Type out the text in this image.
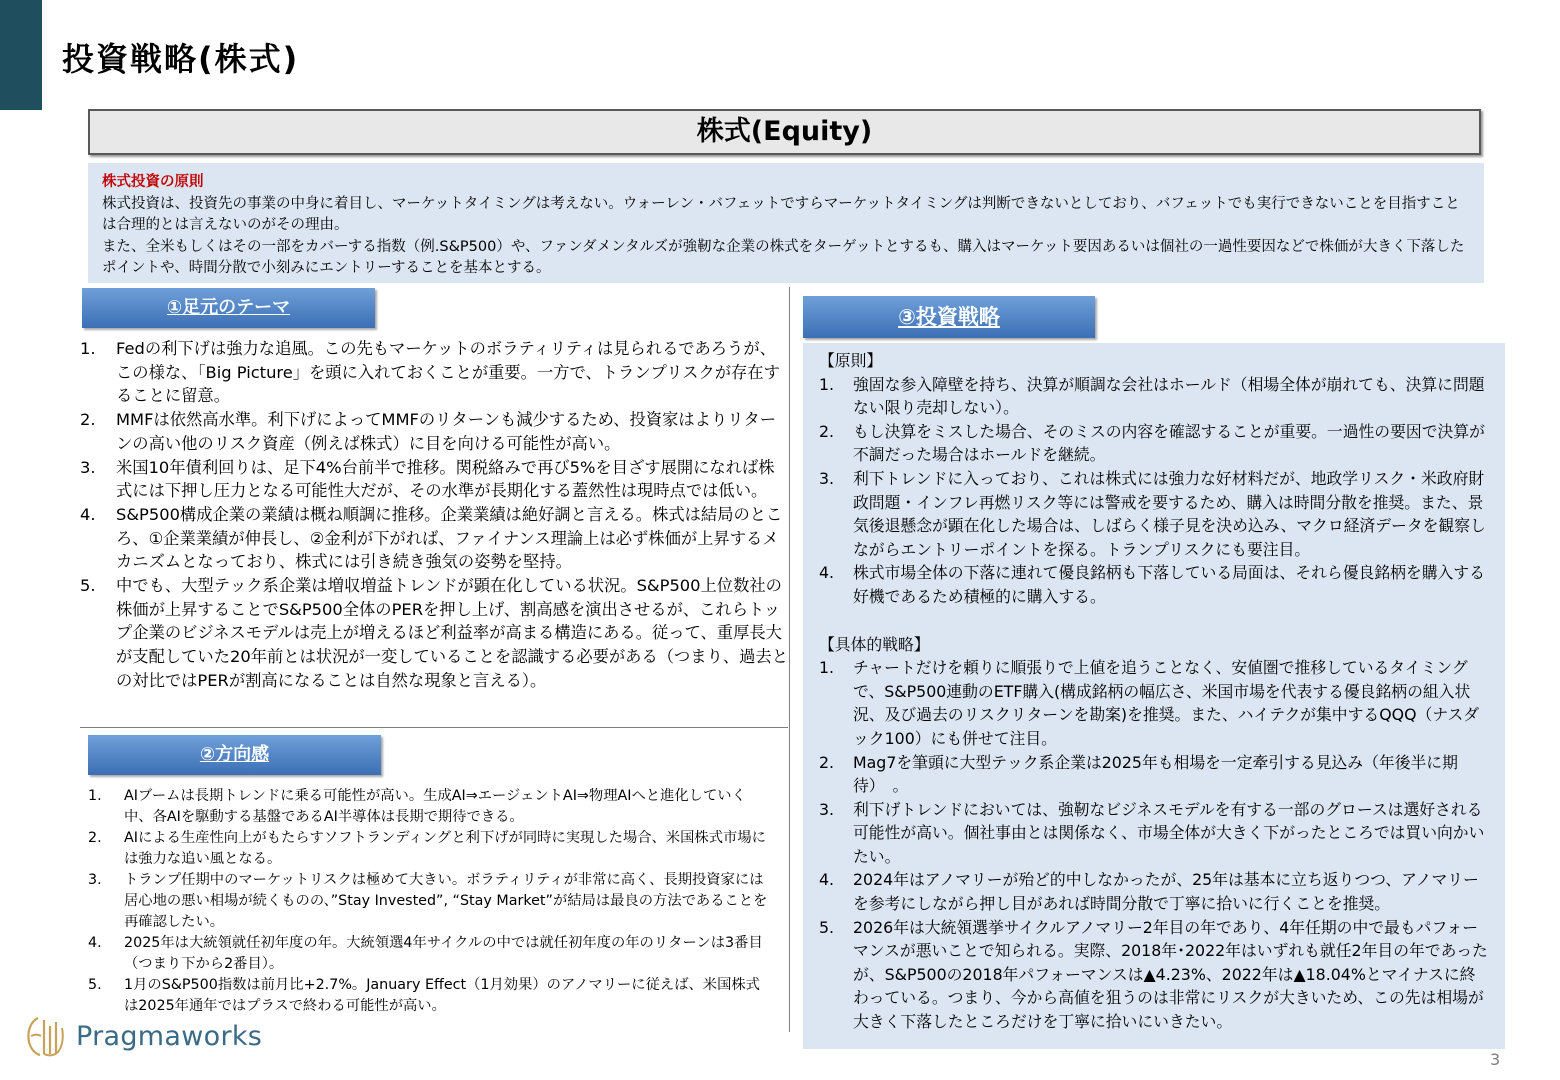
投資戦略(株式)
株式(Equity)
株式投資の原則

株式投資は、投資先の事業の中身に着目し、マーケットタイミングは考えない。ウォーレン・バフェットですらマーケットタイミングは判断できないとしており、バフェットでも実行できないことを目指すことは合理的とは言えないのがその理由。

また、全米もしくはその一部をカバーする指数（例.S&P500）や、ファンダメンタルズが強靭な企業の株式をターゲットとするも、購入はマーケット要因あるいは個社の一過性要因などで株価が大きく下落したポイントや、時間分散で小刻みにエントリーすることを基本とする。

①足元のテーマ
1. Fedの利下げは強力な追風。この先もマーケットのボラティリティは見られるであろうが、この様な、「Big Picture」を頭に入れておくことが重要。一方で、トランプリスクが存在することに留意。
2. MMFは依然高水準。利下げによってMMFのリターンも減少するため、投資家はよりリターンの高い他のリスク資産（例えば株式）に目を向ける可能性が高い。
3. 米国10年債利回りは、足下4%台前半で推移。関税絡みで再び5%を目ざす展開になれば株式には下押し圧力となる可能性大だが、その水準が長期化する蓋然性は現時点では低い。
4. S&P500構成企業の業績は概ね順調に推移。企業業績は絶好調と言える。株式は結局のところ、①企業業績が伸長し、②金利が下がれば、ファイナンス理論上は必ず株価が上昇するメカニズムとなっており、株式には引き続き強気の姿勢を堅持。
5. 中でも、大型テック系企業は増収増益トレンドが顕在化している状況。S&P500上位数社の株価が上昇することでS&P500全体のPERを押し上げ、割高感を演出させるが、これらトップ企業のビジネスモデルは売上が増えるほど利益率が高まる構造にある。従って、重厚長大が支配していた20年前とは状況が一変していることを認識する必要がある（つまり、過去との対比ではPERが割高になることは自然な現象と言える）。
②方向感
1. AIブームは長期トレンドに乗る可能性が高い。生成AI⇒エージェントAI⇒物理AIへと進化していく中、各AIを駆動する基盤であるAI半導体は長期で期待できる。
2. AIによる生産性向上がもたらすソフトランディングと利下げが同時に実現した場合、米国株式市場には強力な追い風となる。
3. トランプ任期中のマーケットリスクは極めて大きい。ボラティリティが非常に高く、長期投資家には居心地の悪い相場が続くものの、”Stay Invested”, “Stay Market”が結局は最良の方法であることを再確認したい。
4. 2025年は大統領就任初年度の年。大統領選4年サイクルの中では就任初年度の年のリターンは3番目（つまり下から2番目）。
5. 1月のS&P500指数は前月比+2.7%。January Effect（1月効果）のアノマリーに従えば、米国株式は2025年通年ではプラスで終わる可能性が高い。
③投資戦略
【原則】
1. 強固な参入障壁を持ち、決算が順調な会社はホールド（相場全体が崩れても、決算に問題ない限り売却しない）。
2. もし決算をミスした場合、そのミスの内容を確認することが重要。一過性の要因で決算が不調だった場合はホールドを継続。
3. 利下トレンドに入っており、これは株式には強力な好材料だが、地政学リスク・米政府財政問題・インフレ再燃リスク等には警戒を要するため、購入は時間分散を推奨。また、景気後退懸念が顕在化した場合は、しばらく様子見を決め込み、マクロ経済データを観察しながらエントリーポイントを探る。トランプリスクにも要注目。
4. 株式市場全体の下落に連れて優良銘柄も下落している局面は、それら優良銘柄を購入する好機であるため積極的に購入する。
【具体的戦略】
1. チャートだけを頼りに順張りで上値を追うことなく、安値圏で推移しているタイミングで、S&P500連動のETF購入(構成銘柄の幅広さ、米国市場を代表する優良銘柄の組入状況、及び過去のリスクリターンを勘案)を推奨。また、ハイテクが集中するQQQ（ナスダック100）にも併せて注目。
2. Mag7を筆頭に大型テック系企業は2025年も相場を一定牽引する見込み（年後半に期待）　。
3. 利下げトレンドにおいては、強靭なビジネスモデルを有する一部のグロースは選好される可能性が高い。個社事由とは関係なく、市場全体が大きく下がったところでは買い向かいたい。
4. 2024年はアノマリーが殆ど的中しなかったが、25年は基本に立ち返りつつ、アノマリーを参考にしながら押し目があれば時間分散で丁寧に拾いに行くことを推奨。
5. 2026年は大統領選挙サイクルアノマリー2年目の年であり、4年任期の中で最もパフォーマンスが悪いことで知られる。実際、2018年･2022年はいずれも就任2年目の年であったが、S&P500の2018年パフォーマンスは▲4.23%、2022年は▲18.04%とマイナスに終わっている。つまり、今から高値を狙うのは非常にリスクが大きいため、この先は相場が大きく下落したところだけを丁寧に拾いにいきたい。
Pragmaworks
3
